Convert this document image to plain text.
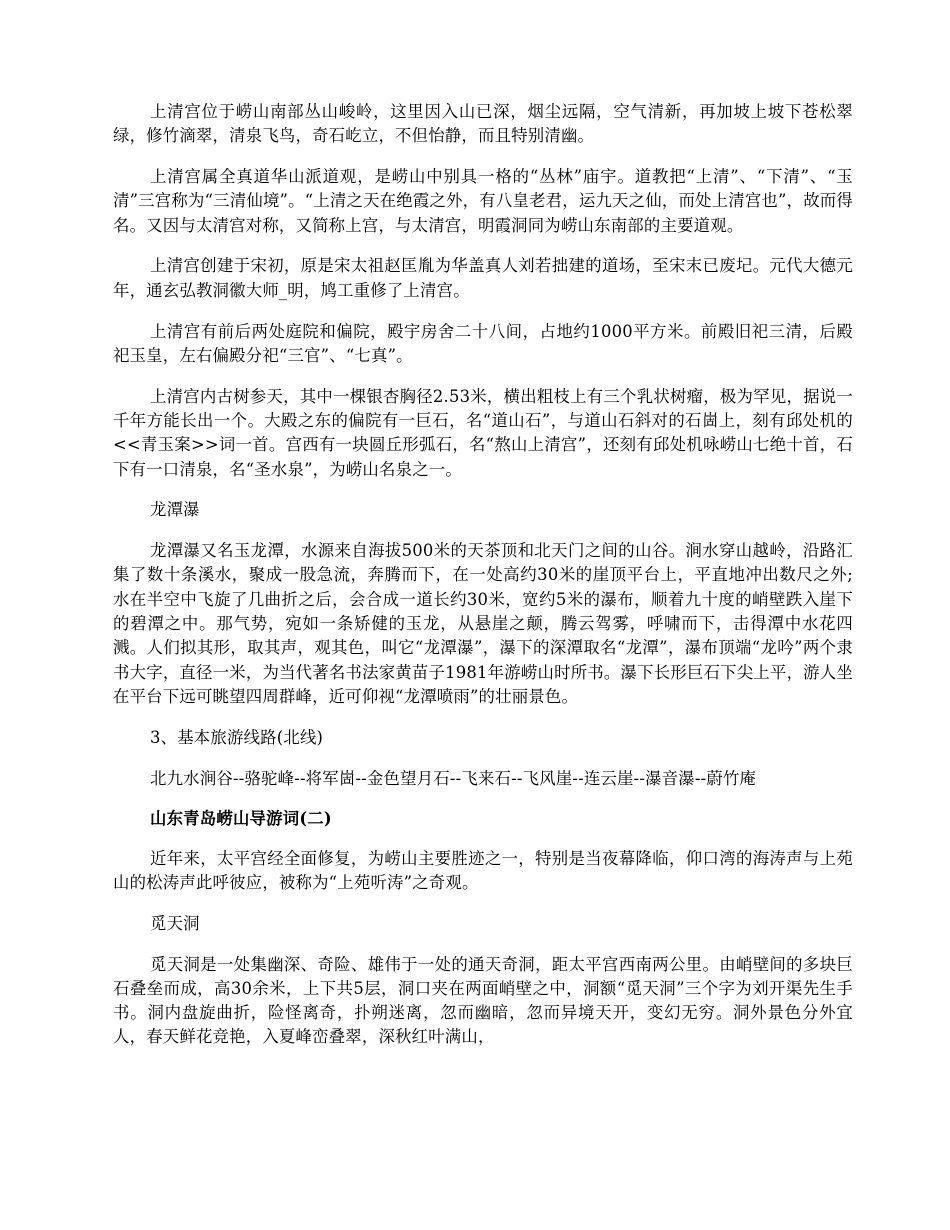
上清宫位于崂山南部丛山峻岭，这里因入山已深，烟尘远隔，空气清新，再加坡上坡下苍松翠绿，修竹滴翠，清泉飞鸟，奇石屹立，不但怡静，而且特别清幽。

上清宫属全真道华山派道观，是崂山中别具一格的“丛林”庙宇。道教把“上清”、“下清”、“玉清”三宫称为“三清仙境”。“上清之天在绝霞之外，有八皇老君，运九天之仙，而处上清宫也”，故而得名。又因与太清宫对称，又简称上宫，与太清宫，明霞洞同为崂山东南部的主要道观。

上清宫创建于宋初，原是宋太祖赵匡胤为华盖真人刘若拙建的道场，至宋末已废圮。元代大德元年，通玄弘教洞徽大师_明，鸠工重修了上清宫。

上清宫有前后两处庭院和偏院，殿宇房舍二十八间，占地约1000平方米。前殿旧祀三清，后殿祀玉皇，左右偏殿分祀“三官”、“七真”。

上清宫内古树参天，其中一棵银杏胸径2.53米，横出粗枝上有三个乳状树瘤，极为罕见，据说一千年方能长出一个。大殿之东的偏院有一巨石，名“道山石”，与道山石斜对的石崮上，刻有邱处机的<<青玉案>>词一首。宫西有一块圆丘形弧石，名“熬山上清宫”，还刻有邱处机咏崂山七绝十首，石下有一口清泉，名“圣水泉”，为崂山名泉之一。

龙潭瀑

龙潭瀑又名玉龙潭，水源来自海拔500米的天茶顶和北天门之间的山谷。涧水穿山越岭，沿路汇集了数十条溪水，聚成一股急流，奔腾而下，在一处高约30米的崖顶平台上，平直地冲出数尺之外;水在半空中飞旋了几曲折之后，会合成一道长约30米，宽约5米的瀑布，顺着九十度的峭壁跌入崖下的碧潭之中。那气势，宛如一条矫健的玉龙，从悬崖之颠，腾云驾雾，呼啸而下，击得潭中水花四溅。人们拟其形，取其声，观其色，叫它“龙潭瀑”，瀑下的深潭取名“龙潭”，瀑布顶端“龙吟”两个隶书大字，直径一米，为当代著名书法家黄苗子1981年游崂山时所书。瀑下长形巨石下尖上平，游人坐在平台下远可眺望四周群峰，近可仰视“龙潭喷雨”的壮丽景色。

3、基本旅游线路(北线)

北九水涧谷--骆驼峰--将军崮--金色望月石--飞来石--飞风崖--连云崖--瀑音瀑--蔚竹庵

山东青岛崂山导游词(二)

近年来，太平宫经全面修复，为崂山主要胜迹之一，特别是当夜幕降临，仰口湾的海涛声与上苑山的松涛声此呼彼应，被称为“上苑听涛”之奇观。

觅天洞

觅天洞是一处集幽深、奇险、雄伟于一处的通天奇洞，距太平宫西南两公里。由峭壁间的多块巨石叠垒而成，高30余米，上下共5层，洞口夹在两面峭壁之中，洞额“觅天洞”三个字为刘开渠先生手书。洞内盘旋曲折，险怪离奇，扑朔迷离，忽而幽暗，忽而异境天开，变幻无穷。洞外景色分外宜人，春天鲜花竞艳，入夏峰峦叠翠，深秋红叶满山，
